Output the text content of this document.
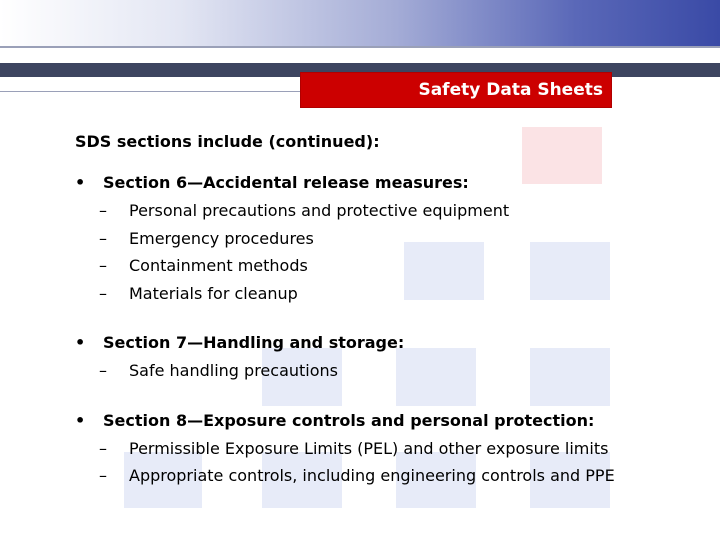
Safety Data Sheets
SDS sections include (continued):
•	Section 6—Accidental release measures:
–	Personal precautions and protective equipment
–	Emergency procedures
–	Containment methods
–	Materials for cleanup
•	Section 7—Handling and storage:
–	Safe handling precautions
•	Section 8—Exposure controls and personal protection:
–	Permissible Exposure Limits (PEL) and other exposure limits
–	Appropriate controls, including engineering controls and PPE
